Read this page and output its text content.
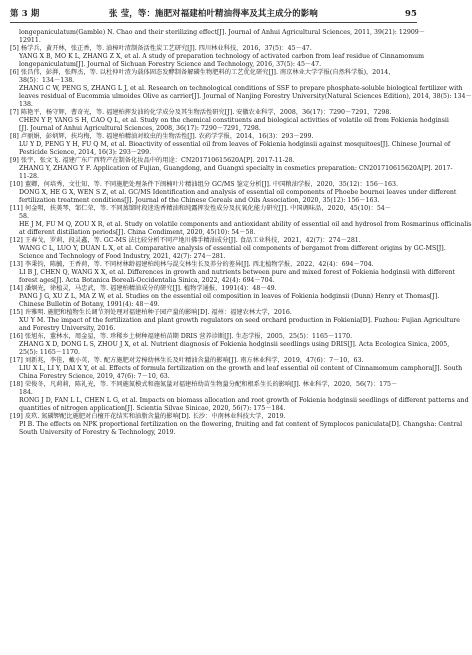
第 3 期	张 莹，等：施肥对福建柏叶精油得率及其主成分的影响	95
longepaniculatum(Gamble) N. Chao and their sterilizing effect[J]. Journal of Anhui Agricultural Sciences, 2011, 39(21): 12909－
12911.
[5] 杨学兵，黄开林，张正香，等. 油樟叶渣制备活性炭工艺研究[J]. 四川林业科技，2016，37(5)：45－47.
YANG X B, MO K L, ZHANG Z X, et al. A study of preparation technology of activated carbon from leaf residue of Cinnamomum
longepaniculatum[J]. Journal of Sichuan Forestry Science and Technology, 2016, 37(5): 45－47.
[6] 张昌伟，彭湃，张辉杰，等. 以杜仲叶渣为载体固态发酵制备解磷生物肥料的工艺优化研究[J]. 南京林业大学学报(自然科学版)，2014，
38(5)：134－138.
ZHANG C W, PENG S, ZHANG L J, et al. Research on technological conditions of SSF to prepare phosphate-soluble biological fertilizer with
leaves residual of Eucommia ulmoides Olive as carrier[J]. Journal of Nanjing Forestry University(Natural Sciences Edition), 2014, 38(5): 134－
138.
[7] 陈艳平，杨守辉，曹奇光，等. 福建柏挥发油的化学成分及其生物活性研究[J]. 安徽农业科学，2008，36(17)：7290－7291，7298.
CHEN Y P, YANG S H, CAO Q L, et al. Study on the chemical constituents and biological activities of volatile oil from Fokienia hodginsii
[J]. Journal of Anhui Agricultural Sciences, 2008, 36(17): 7290－7291, 7298.
[8] 卢丽娟，彭炳辉，扶均梅，等. 福建柏精油对蚊虫的生物活性[J]. 农药学学报，2014，16(3)：293－299.
LU Y D, PENG Y H, FU Q M, et al. Bioactivity of essential oil from leaves of Fokienia hodginsii against mosquitoes[J]. Chinese Journal of
Pesticide Science, 2014, 16(3): 293－299.
[9] 张宇，张文飞. 福建广东广西特产在制备化妆品中的用途：CN201710615620A[P]. 2017-11-28.
ZHANG Y, ZHANG Y F. Application of Fujian, Guangdong, and Guangxi specialty in cosmetics preparation: CN201710615620A[P]. 2017-
11-28.
[10] 董卿，何培秀，文仕知，等. 不同施肥处理条件下闽楠叶片精油组分 GC/MS 鉴定分析[J]. 中国粮油学报，2020，35(12)：156－163.
DONG X, HE G X, WEN S Z, et al. GC/MS Identification and analysis of essential oil components of Phoebe bournei leaves under different
fertilization treatment conditions[J]. Journal of the Chinese Cereals and Oils Association, 2020, 35(12): 156－163.
[11] 何金明，扶美琴，邹仁荣，等. 不同蒸馏时段迷迭香精油和纯露挥发性成分及抗氧化能力研究[J]. 中国调味品，2020，45(10)：54－
58.
HE J M, FU M Q, ZOU X R, et al. Study on volatile components and antioxidant ability of essential oil and hydrosol from Rosmarinus officinalis
at different distillation periods[J]. China Condiment, 2020, 45(10): 54－58.
[12] 王春戈，罗莉，段灵鑫，等. GC-MS 法比较分析不同产地川佛手精油成分[J]. 食品工业科技，2021，42(7)：274－281.
WANG C L, LUO Y, DUAN L X, et al. Comparative analysis of essential oil components of bergamot from different origins by GC-MS[J].
Science and Technology of Food Industry, 2021, 42(7): 274－281.
[13] 李秉钧，陈毓，王香荷，等. 不同材林龄福建柏纯林与混交林生长及养分的差异[J]. 西北植物学报，2022，42(4)：694－704.
LI B J, CHEN Q, WANG X X, et al. Differences in growth and nutrients between pure and mixed forest of Fokienia hodginsii with different
forest ages[J]. Acta Botanica Boreali-Occidentalia Sinica, 2022, 42(4): 694－704.
[14] 潘炯光，徐植灵，马忠武，等. 福建柏精油成分的研究[J]. 植物学通报，1991(4)：48－49.
PANG J G, XU Z L, MA Z W, et al. Studies on the essential oil composition in leaves of Fokienia hodginsii (Dunn) Henry et Thomas[J].
Chinese Bulletin of Botany, 1991(4): 48－49.
[15] 许雅明. 施肥和植物生长调节剂处理对福建柏种子园产量的影响[D]. 福州：福建农林大学，2016.
XU Y M. The impact of the fertilization and plant growth regulators on seed orchard production in Fokienia[D]. Fuzhou: Fujian Agriculture
and Forestry University, 2016.
[16] 张旭东，董林水，周金星，等. 珍稀乡土树种福建柏苗期 DRIS 营养诊断[J]. 生态学报，2005，25(5)：1165－1170.
ZHANG X D, DONG L S, ZHOU J X, et al. Nutrient diagnosis of Fokienia hodginsii seedlings using DRIS[J]. Acta Ecologica Sinica, 2005,
25(5): 1165－1170.
[17] 刘新兆，李佳，戴小英，等. 配方施肥对芳樟幼林生长及叶精油含量的影响[J]. 南方林业科学，2019，47(6)：7－10，63.
LIU X L, LI Y, DAI X Y, et al. Effects of formula fertilization on the growth and leaf essential oil content of Cinnamomum camphora[J]. South
China Forestry Science, 2019, 47(6): 7－10, 63.
[18] 荣俊冬，凡莉莉，陈礼光，等. 不同施氮模式和施氮量对福建柏幼苗生物量分配和根系生长的影响[J]. 林业科学，2020，56(7)：175－
184.
RONG J D, FAN L L, CHEN L G, et al. Impacts on biomass allocation and root growth of Fokienia hodginsii seedlings of different patterns and
quantities of nitrogen application[J]. Scientia Silvae Sinicae, 2020, 56(7): 175－184.
[19] 皮玖. 氮磷钾配比施肥对白檀开花结实和油脂含量的影响[D]. 长沙：中南林业科技大学，2019.
PI B. The effects on NPK proportional fertilization on the flowering, fruiting and fat content of Symplocos paniculata[D]. Changsha: Central
South University of Forestry & Technology, 2019.
